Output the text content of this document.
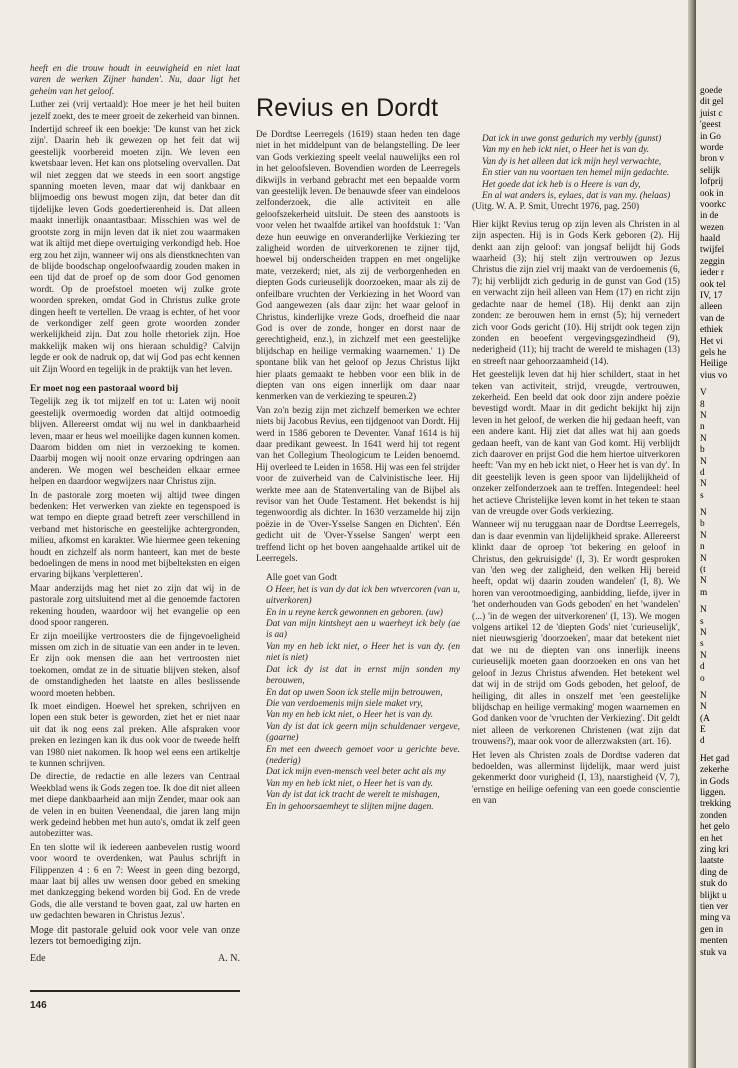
heeft en die trouw houdt in eeuwigheid en niet laat varen de werken Zijner handen'. Nu, daar ligt het geheim van het geloof.

Luther zei (vrij vertaald): Hoe meer je het heil buiten jezelf zoekt, des te meer groeit de zekerheid van binnen.

Indertijd schreef ik een boekje: 'De kunst van het zick zijn'. Daarin heb ik gewezen op het feit dat wij geestelijk voorbereid moeten zijn. We leven een kwetsbaar leven. Het kan ons plotseling overvallen. Dat wil niet zeggen dat we steeds in een soort angstige spanning moeten leven, maar dat wij dankbaar en blijmoedig ons bewust mogen zijn, dat beter dan dit tijdelijke leven Gods goedertierenheid is. Dat alleen maakt innerlijk onaantastbaar. Misschien was wel de grootste zorg in mijn leven dat ik niet zou waarmaken wat ik altijd met diepe overtuiging verkondigd heb. Hoe erg zou het zijn, wanneer wij ons als dienstknechten van de blijde boodschap ongeloofwaardig zouden maken in een tijd dat de proef op de som door God genomen wordt. Op de proefstoel moeten wij zulke grote woorden spreken, omdat God in Christus zulke grote dingen heeft te vertellen. De vraag is echter, of het voor de verkondiger zelf geen grote woorden zonder werkelijkheid zijn. Dat zou holle rhetoriek zijn. Hoe makkelijk maken wij ons hieraan schuldig? Calvijn legde er ook de nadruk op, dat wij God pas echt kennen uit Zijn Woord en tegelijk in de praktijk van het leven.

Er moet nog een pastoraal woord bij

Tegelijk zeg ik tot mijzelf en tot u: Laten wij nooit geestelijk overmoedig worden dat altijd ootmoedig blijven. Allereerst omdat wij nu wel in dankbaarheid leven, maar er heus wel moeilijke dagen kunnen komen. Daarom bidden om niet in verzoeking te komen. Daarbij mogen wij nooit onze ervaring opdringen aan anderen. We mogen wel bescheiden elkaar ermee helpen en daardoor wegwijzers naar Christus zijn.

In de pastorale zorg moeten wij altijd twee dingen bedenken: Het verwerken van ziekte en tegenspoed is wat tempo en diepte graad betreft zeer verschillend in verband met historische en geestelijke achtergronden, milieu, afkomst en karakter. Wie hiermee geen tekening houdt en zichzelf als norm hanteert, kan met de beste bedoelingen de mens in nood met bijbelteksten en eigen ervaring bijkans 'verpletteren'.

Maar anderzijds mag het niet zo zijn dat wij in de pastorale zorg uitsluitend met al die genoemde factoren rekening houden, waardoor wij het evangelie op een dood spoor rangeren.

Er zijn moeilijke vertroosters die de fijngevoeligheid missen om zich in de situatie van een ander in te leven. Er zijn ook mensen die aan het vertroosten niet toekomen, omdat ze in de situatie blijven steken, alsof de omstandigheden het laatste en alles beslissende woord moeten hebben.

Ik moet eindigen. Hoewel het spreken, schrijven en lopen een stuk beter is geworden, ziet het er niet naar uit dat ik nog eens zal preken. Alle afspraken voor preken en lezingen kan ik dus ook voor de tweede helft van 1980 niet nakomen. Ik hoop wel eens een artikeltje te kunnen schrijven.

De directie, de redactie en alle lezers van Centraal Weekblad wens ik Gods zegen toe. Ik doe dit niet alleen met diepe dankbaarheid aan mijn Zender, maar ook aan de velen in en buiten Veenendaal, die jaren lang mijn werk gedeind hebben met hun auto's, omdat ik zelf geen autobezitter was.

En ten slotte wil ik iedereen aanbevelen rustig woord voor woord te overdenken, wat Paulus schrijft in Filippenzen 4 : 6 en 7: Weest in geen ding bezorgd, maar laat bij alles uw wensen door gebed en smeking met dankzegging bekend worden bij God. En de vrede Gods, die alle verstand te boven gaat, zal uw harten en uw gedachten bewaren in Christus Jezus'.

Moge dit pastorale geluid ook voor vele van onze lezers tot bemoediging zijn.

Ede	A. N.
146
Revius en Dordt

De Dordtse Leerregels (1619) staan heden ten dage niet in het middelpunt van de belangstelling. De leer van Gods verkiezing speelt veelal nauwelijks een rol in het geloofsleven. Bovendien worden de Leerregels dikwijls in verband gebracht met een bepaalde vorm van geestelijk leven. De benauwde sfeer van eindeloos zelfonderzoek, die alle activiteit en alle geloofszekerheid uitsluit. De steen des aanstoots is voor velen het twaalfde artikel van hoofdstuk 1: 'Van deze hun eeuwige en onveranderlijke Verkiezing ter zaligheid worden de uitverkorenen te zijner tijd, hoewel bij onderscheiden trappen en met ongelijke mate, verzekerd; niet, als zij de verborgenheden en diepten Gods curieuselijk doorzoeken, maar als zij de onfeilbare vruchten der Verkiezing in het Woord van God aangewezen (als daar zijn: het waar geloof in Christus, kinderlijke vreze Gods, droefheid die naar God is over de zonde, honger en dorst naar de gerechtigheid, enz.), in zichzelf met een geestelijke blijdschap en heilige vermaking waarnemen.' 1) De spontane blik van het geloof op Jezus Christus lijkt hier plaats gemaakt te hebben voor een blik in de diepten van ons eigen innerlijk om daar naar kenmerken van de verkiezing te speuren.2)

Van zo'n bezig zijn met zichzelf bemerken we echter niets bij Jacobus Revius, een tijdgenoot van Dordt. Hij werd in 1586 geboren te Deventer. Vanaf 1614 is hij daar predikant geweest. In 1641 werd hij tot regent van het Collegium Theologicum te Leiden benoemd. Hij overleed te Leiden in 1658. Hij was een fel strijder voor de zuiverheid van de Calvinistische leer. Hij werkte mee aan de Statenvertaling van de Bijbel als revisor van het Oude Testament. Het bekendst is hij tegenwoordig als dichter. In 1630 verzamelde hij zijn poëzie in de 'Over-Ysselse Sangen en Dichten'. Eén gedicht uit de 'Over-Ysselse Sangen' werpt een treffend licht op het boven aangehaalde artikel uit de Leerregels.

Alle goet van Godt
O Heer, het is van dy dat ick ben wtvercoren (van u, uitverkoren)
En in u reyne kerck gewonnen en geboren. (uw)
Dat van mijn kintsheyt aen u waerheyt ick bely (ae is aa)
Van my en heb ickt niet, o Heer het is van dy. (en niet is niet)
Dat ick dy ist dat in ernst mijn sonden my berouwen,
En dat op uwen Soon ick stelle mijn betrouwen,
Die van verdoemenis mijn siele maket vry,
Van my en heb ickt niet, o Heer het is van dy.
Van dy ist dat ick geern mijn schuldenaer vergeve, (gaarne)
En met een dweech gemoet voor u gerichte beve. (nederig)
Dat ick mijn even-mensch veel beter acht als my
Van my en heb ickt niet, o Heer het is van dy.
Van dy ist dat ick tracht de werelt te mishagen,
En in gehoorsaemheyt te slijten mijne dagen.
Dat ick in uwe gonst gedurich my verbly (gunst)
Van my en heb ickt niet, o Heer het is van dy.
Van dy is het alleen dat ick mijn heyl verwachte,
En stier van nu voortaen ten hemel mijn gedachte.
Het goede dat ick heb is o Heere is van dy,
En al wat anders is, eylaes, dat is van my. (helaas)
(Uitg. W. A. P. Smit, Utrecht 1976, pag. 250)

Hier kijkt Revius terug op zijn leven als Christen in al zijn aspecten. Hij is in Gods Kerk geboren (2). Hij denkt aan zijn geloof: van jongsaf belijdt hij Gods waarheid (3); hij stelt zijn vertrouwen op Jezus Christus die zijn ziel vrij maakt van de verdoemenis (6, 7); hij verblijdt zich gedurig in de gunst van God (15) en verwacht zijn heil alleen van Hem (17) en richt zijn gedachte naar de hemel (18). Hij denkt aan zijn zonden: ze berouwen hem in ernst (5); hij vernedert zich voor Gods gericht (10). Hij strijdt ook tegen zijn zonden en beoefent vergevingsgezindheid (9), nederigheid (11); hij tracht de wereld te mishagen (13) en streeft naar gehoorzaamheid (14).

Het geestelijk leven dat hij hier schildert, staat in het teken van activiteit, strijd, vreugde, vertrouwen, zekerheid. Een beeld dat ook door zijn andere poëzie bevestigd wordt. Maar in dit gedicht bekijkt hij zijn leven in het geloof, de werken die hij gedaan heeft, van een andere kant. Hij ziet dat alles wat hij aan goeds gedaan heeft, van de kant van God komt. Hij verblijdt zich daarover en prijst God die hem hiertoe uitverkoren heeft: 'Van my en heb ickt niet, o Heer het is van dy'. In dit geestelijk leven is geen spoor van lijdelijkheid of onzeker zelfonderzoek aan te treffen. Integendeel: heel het actieve Christelijke leven komt in het teken te staan van de vreugde over Gods verkiezing.

Wanneer wij nu teruggaan naar de Dordtse Leerregels, dan is daar evenmin van lijdelijkheid sprake. Allereerst klinkt daar de oproep 'tot bekering en geloof in Christus, den gekruisigde' (I, 3). Er wordt gesproken van 'den weg der zaligheid, den welken Hij bereid heeft, opdat wij daarin zouden wandelen' (I, 8). We horen van verootmoediging, aanbidding, liefde, ijver in 'het onderhouden van Gods geboden' en het 'wandelen' (...) 'in de wegen der uitverkorenen' (I, 13). We mogen volgens artikel 12 de 'diepten Gods' niet 'curieuselijk', niet nieuwsgierig 'doorzoeken', maar dat betekent niet dat we nu de diepten van ons innerlijk ineens curieuselijk moeten gaan doorzoeken en ons van het geloof in Jezus Christus afwenden. Het betekent wel dat wij in de strijd om Gods geboden, het geloof, de heiliging, dit alles in onszelf met 'een geestelijke blijdschap en heilige vermaking' mogen waarnemen en God danken voor de 'vruchten der Verkiezing'. Dit geldt niet alleen de verkorenen Christenen (wat zijn dat trouwens?), maar ook voor de allerzwaksten (art. 16).

Het leven als Christen zoals de Dordtse vaderen dat bedoelden, was allerminst lijdelijk, maar werd juist gekenmerkt door vurigheid (I, 13), naarstigheid (V, 7), 'ernstige en heilige oefening van een goede conscientie en van

goede
dit gel
juist c
'geest
in Go
worde
bron v
selijk
lofprij
ook in
voorkc
in de
wezen
haald
twijfel
zeggin
ieder r
ook tel
IV, 17
alleen
van de
ethiek
Het vi
gels he
Heilige
vius vo
V
8
N
n
N
b
N
d
N
s
N
b
N
n
N
(t
N
m
N
s
N
s
N
d
o
N
N
(A
E
d
Het gad
zekerhe
in Gods
liggen.
trekking
zonden
het gelo
en het
zing kri
laatste
ding de
stuk do
blijkt u
tien ver
ming va
gen in
menten
stuk va
